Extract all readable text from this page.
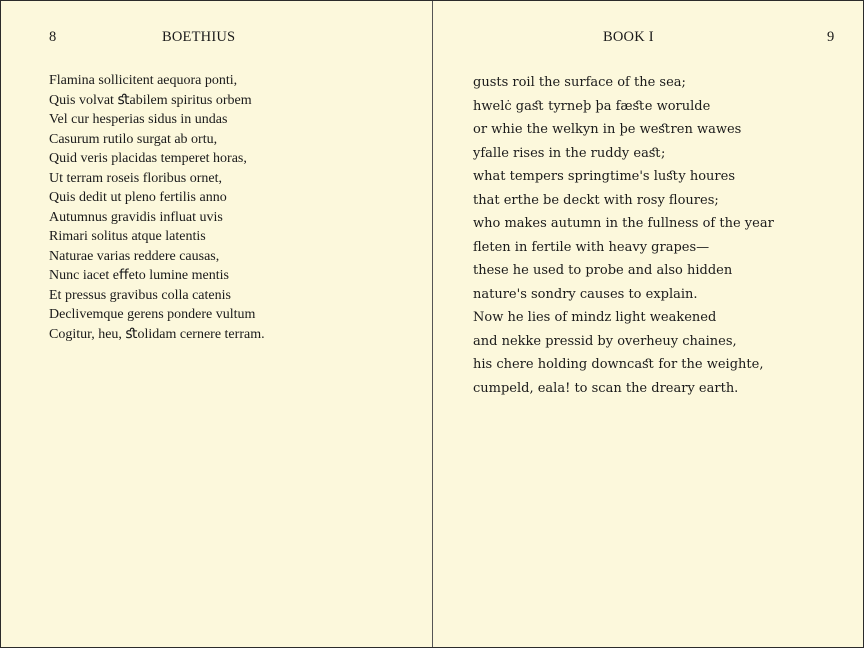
8	BOETHIUS
Flamina sollicitent aequora ponti,
Quis volvat ﬆabilem spiritus orbem
Vel cur hesperias sidus in undas
Casurum rutilo surgat ab ortu,
Quid veris placidas temperet horas,
Ut terram roseis floribus ornet,
Quis dedit ut pleno fertilis anno
Autumnus gravidis influat uvis
Rimari solitus atque latentis
Naturae varias reddere causas,
Nunc iacet eﬀeto lumine mentis
Et pressus gravibus colla catenis
Declivemque gerens pondere vultum
Cogitur, heu, ﬆolidam cernere terram.
BOOK I	9
gusts roil the surface of the sea;
hwelċ gaﬆ tyrneþ þa fæﬆe worulde
or whie the welkyn in þe weﬆren wawes
yfalle rises in the ruddy eaﬆ;
what tempers springtime's luﬆy houres
that erthe be deckt with rosy floures;
who makes autumn in the fullness of the year
fleten in fertile with heavy grapes—
these he used to probe and also hidden
nature's sondry causes to explain.
Now he lies of mindz light weakened
and nekke pressid by overheuy chaines,
his chere holding downcaﬆ for the weighte,
cumpeld, eala! to scan the dreary earth.
